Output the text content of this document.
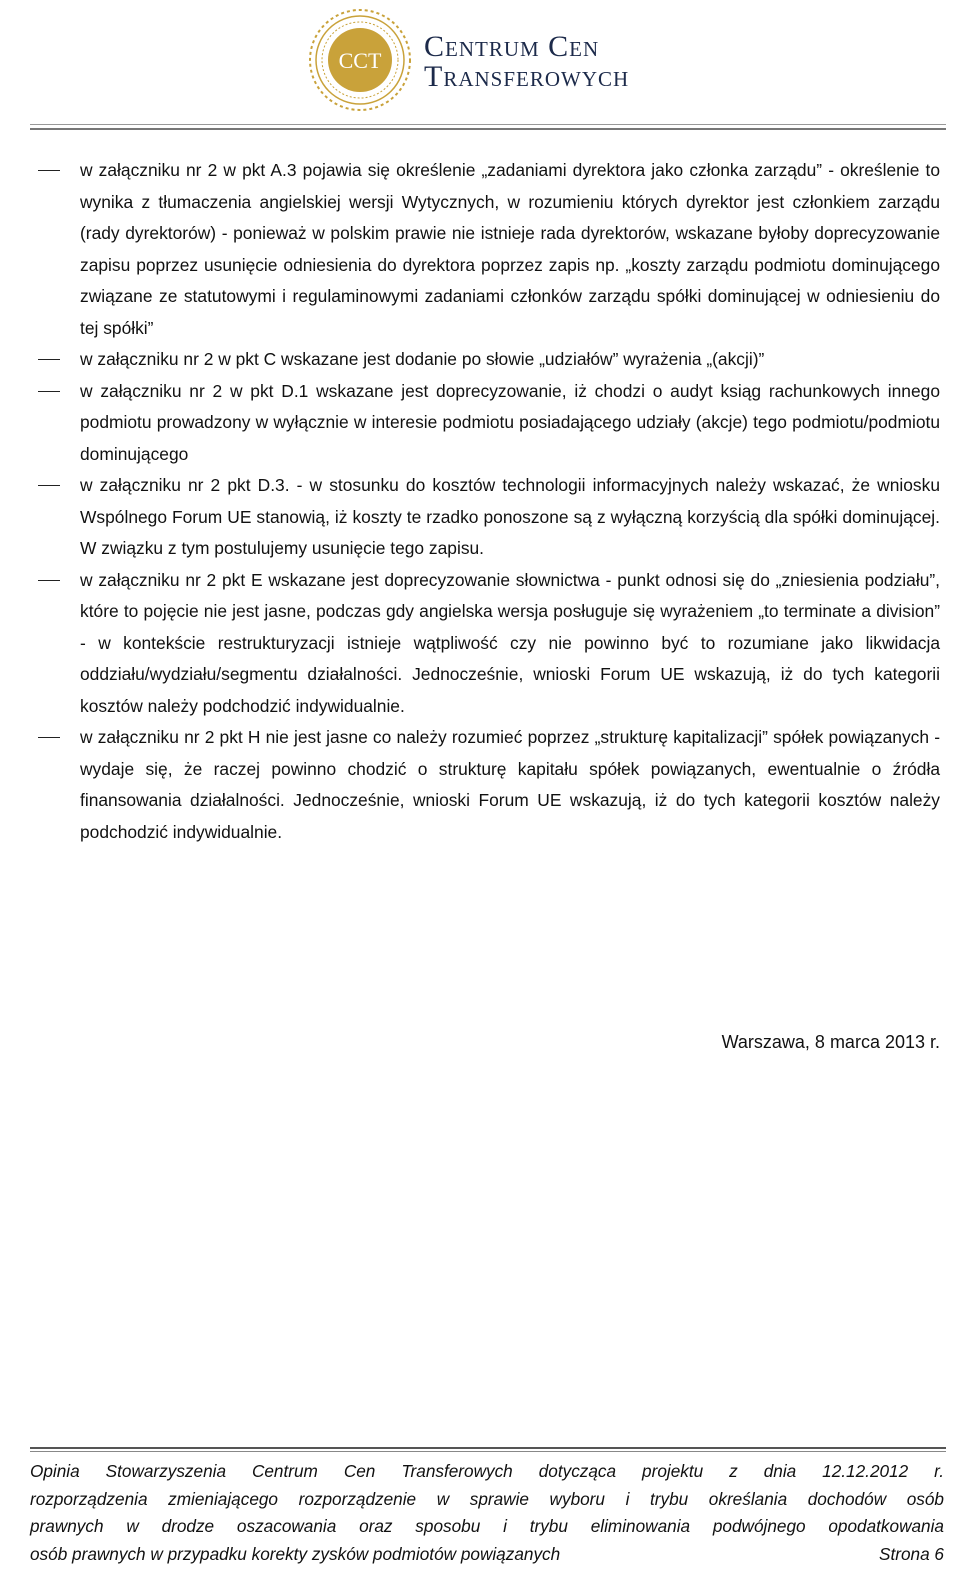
CCT Centrum Cen
Transferowych
w załączniku nr 2 w pkt A.3 pojawia się określenie „zadaniami dyrektora jako członka zarządu” - określenie to wynika z tłumaczenia angielskiej wersji Wytycznych, w rozumieniu których dyrektor jest członkiem zarządu (rady dyrektorów) - ponieważ w polskim prawie nie istnieje rada dyrektorów, wskazane byłoby doprecyzowanie zapisu poprzez usunięcie odniesienia do dyrektora poprzez zapis np. „koszty zarządu podmiotu dominującego związane ze statutowymi i regulaminowymi zadaniami członków zarządu spółki dominującej w odniesieniu do tej spółki”
w załączniku nr 2 w pkt C wskazane jest dodanie po słowie „udziałów” wyrażenia „(akcji)”
w załączniku nr 2 w pkt D.1 wskazane jest doprecyzowanie, iż chodzi o audyt ksiąg rachunkowych innego podmiotu prowadzony w wyłącznie w interesie podmiotu posiadającego udziały (akcje) tego podmiotu/podmiotu dominującego
w załączniku nr 2 pkt D.3. - w stosunku do kosztów technologii informacyjnych należy wskazać, że wniosku Wspólnego Forum UE stanowią, iż koszty te rzadko ponoszone są z wyłączną korzyścią dla spółki dominującej. W związku z tym postulujemy usunięcie tego zapisu.
w załączniku nr 2 pkt E wskazane jest doprecyzowanie słownictwa - punkt odnosi się do „zniesienia podziału”, które to pojęcie nie jest jasne, podczas gdy angielska wersja posługuje się wyrażeniem „to terminate a division” - w kontekście restrukturyzacji istnieje wątpliwość czy nie powinno być to rozumiane jako likwidacja oddziału/wydziału/segmentu działalności. Jednocześnie, wnioski Forum UE wskazują, iż do tych kategorii kosztów należy podchodzić indywidualnie.
w załączniku nr 2 pkt H nie jest jasne co należy rozumieć poprzez „strukturę kapitalizacji” spółek powiązanych - wydaje się, że raczej powinno chodzić o strukturę kapitału spółek powiązanych, ewentualnie o źródła finansowania działalności. Jednocześnie, wnioski Forum UE wskazują, iż do tych kategorii kosztów należy podchodzić indywidualnie.
Warszawa, 8 marca 2013 r.
Opinia Stowarzyszenia Centrum Cen Transferowych dotycząca projektu z dnia 12.12.2012 r.
rozporządzenia zmieniającego rozporządzenie w sprawie wyboru i trybu określania dochodów osób
prawnych w drodze oszacowania oraz sposobu i trybu eliminowania podwójnego opodatkowania
osób prawnych w przypadku korekty zysków podmiotów powiązanych	Strona 6
